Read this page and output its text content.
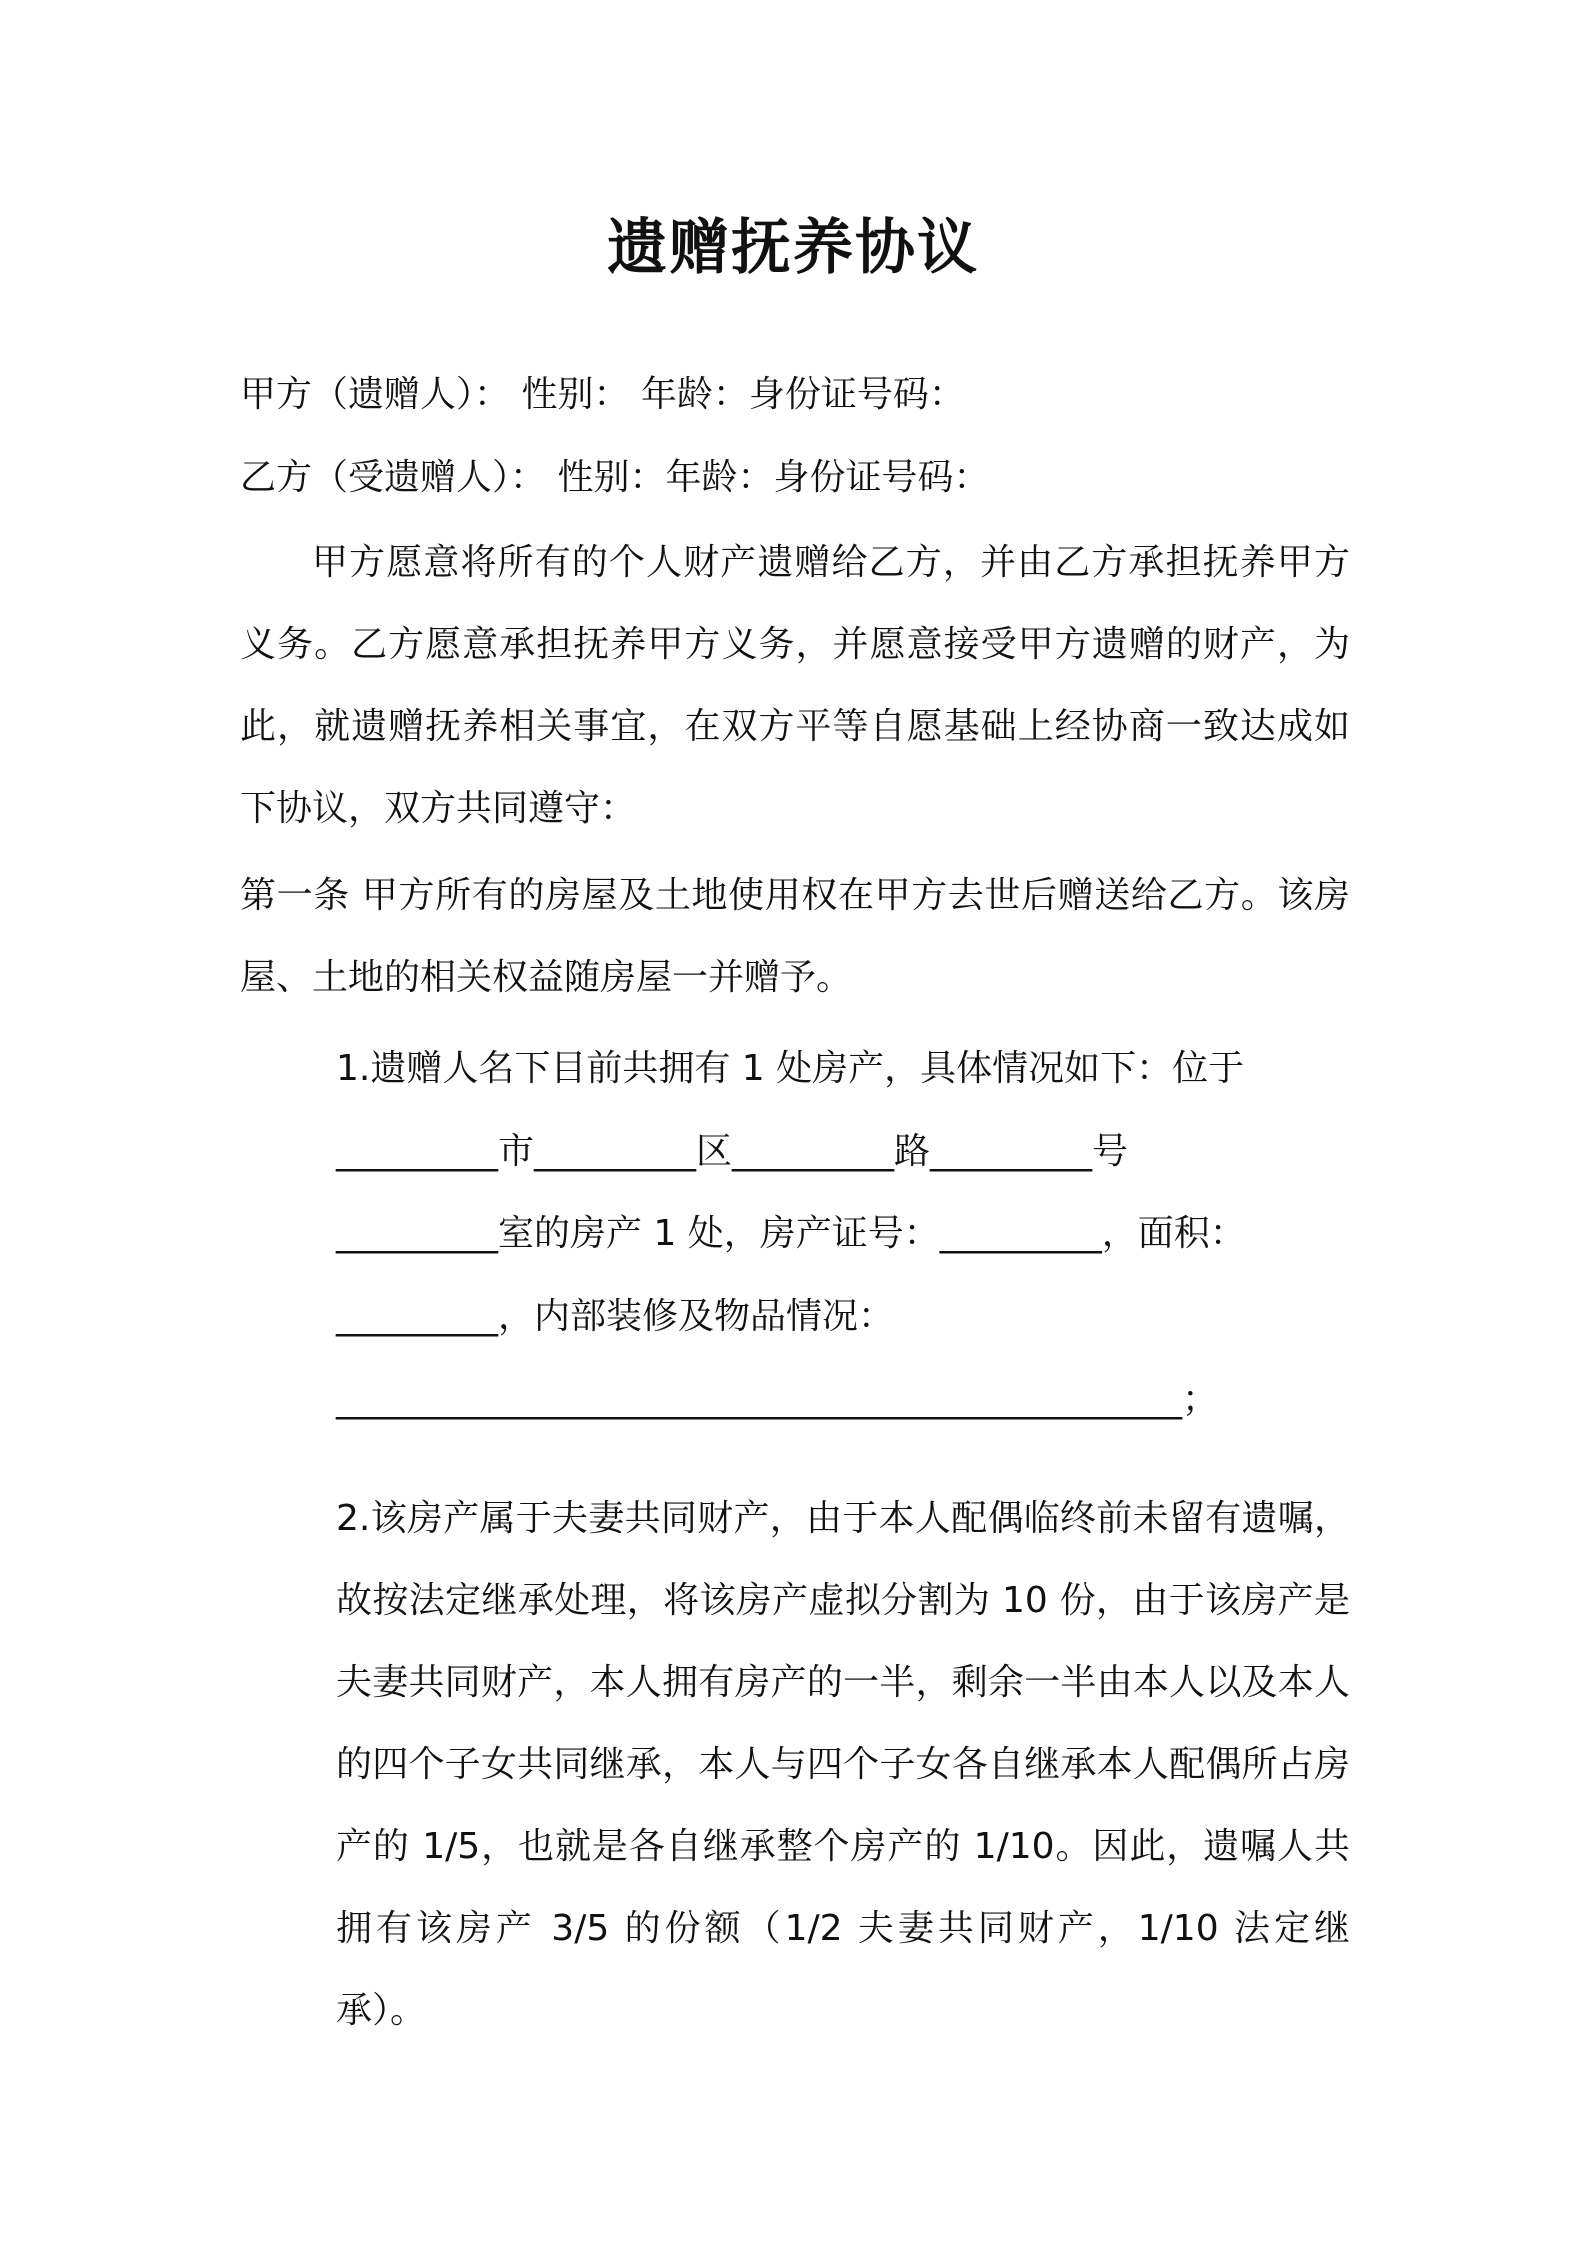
遗赠抚养协议

甲方（遗赠人）： 性别： 年龄：身份证号码：

乙方（受遗赠人）： 性别：年龄：身份证号码：

甲方愿意将所有的个人财产遗赠给乙方，并由乙方承担抚养甲方义务。乙方愿意承担抚养甲方义务，并愿意接受甲方遗赠的财产，为此，就遗赠抚养相关事宜，在双方平等自愿基础上经协商一致达成如下协议，双方共同遵守：

第一条 甲方所有的房屋及土地使用权在甲方去世后赠送给乙方。该房屋、土地的相关权益随房屋一并赠予。

1.遗赠人名下目前共拥有 1 处房产，具体情况如下：位于

_________市_________区_________路_________号

_________室的房产 1 处，房产证号：_________，面积：

_________，内部装修及物品情况：

_______________________________________________；

2.该房产属于夫妻共同财产，由于本人配偶临终前未留有遗嘱，故按法定继承处理，将该房产虚拟分割为 10 份，由于该房产是夫妻共同财产，本人拥有房产的一半，剩余一半由本人以及本人的四个子女共同继承，本人与四个子女各自继承本人配偶所占房产的 1/5，也就是各自继承整个房产的 1/10。因此，遗嘱人共拥有该房产 3/5 的份额（1/2 夫妻共同财产，1/10 法定继承）。
